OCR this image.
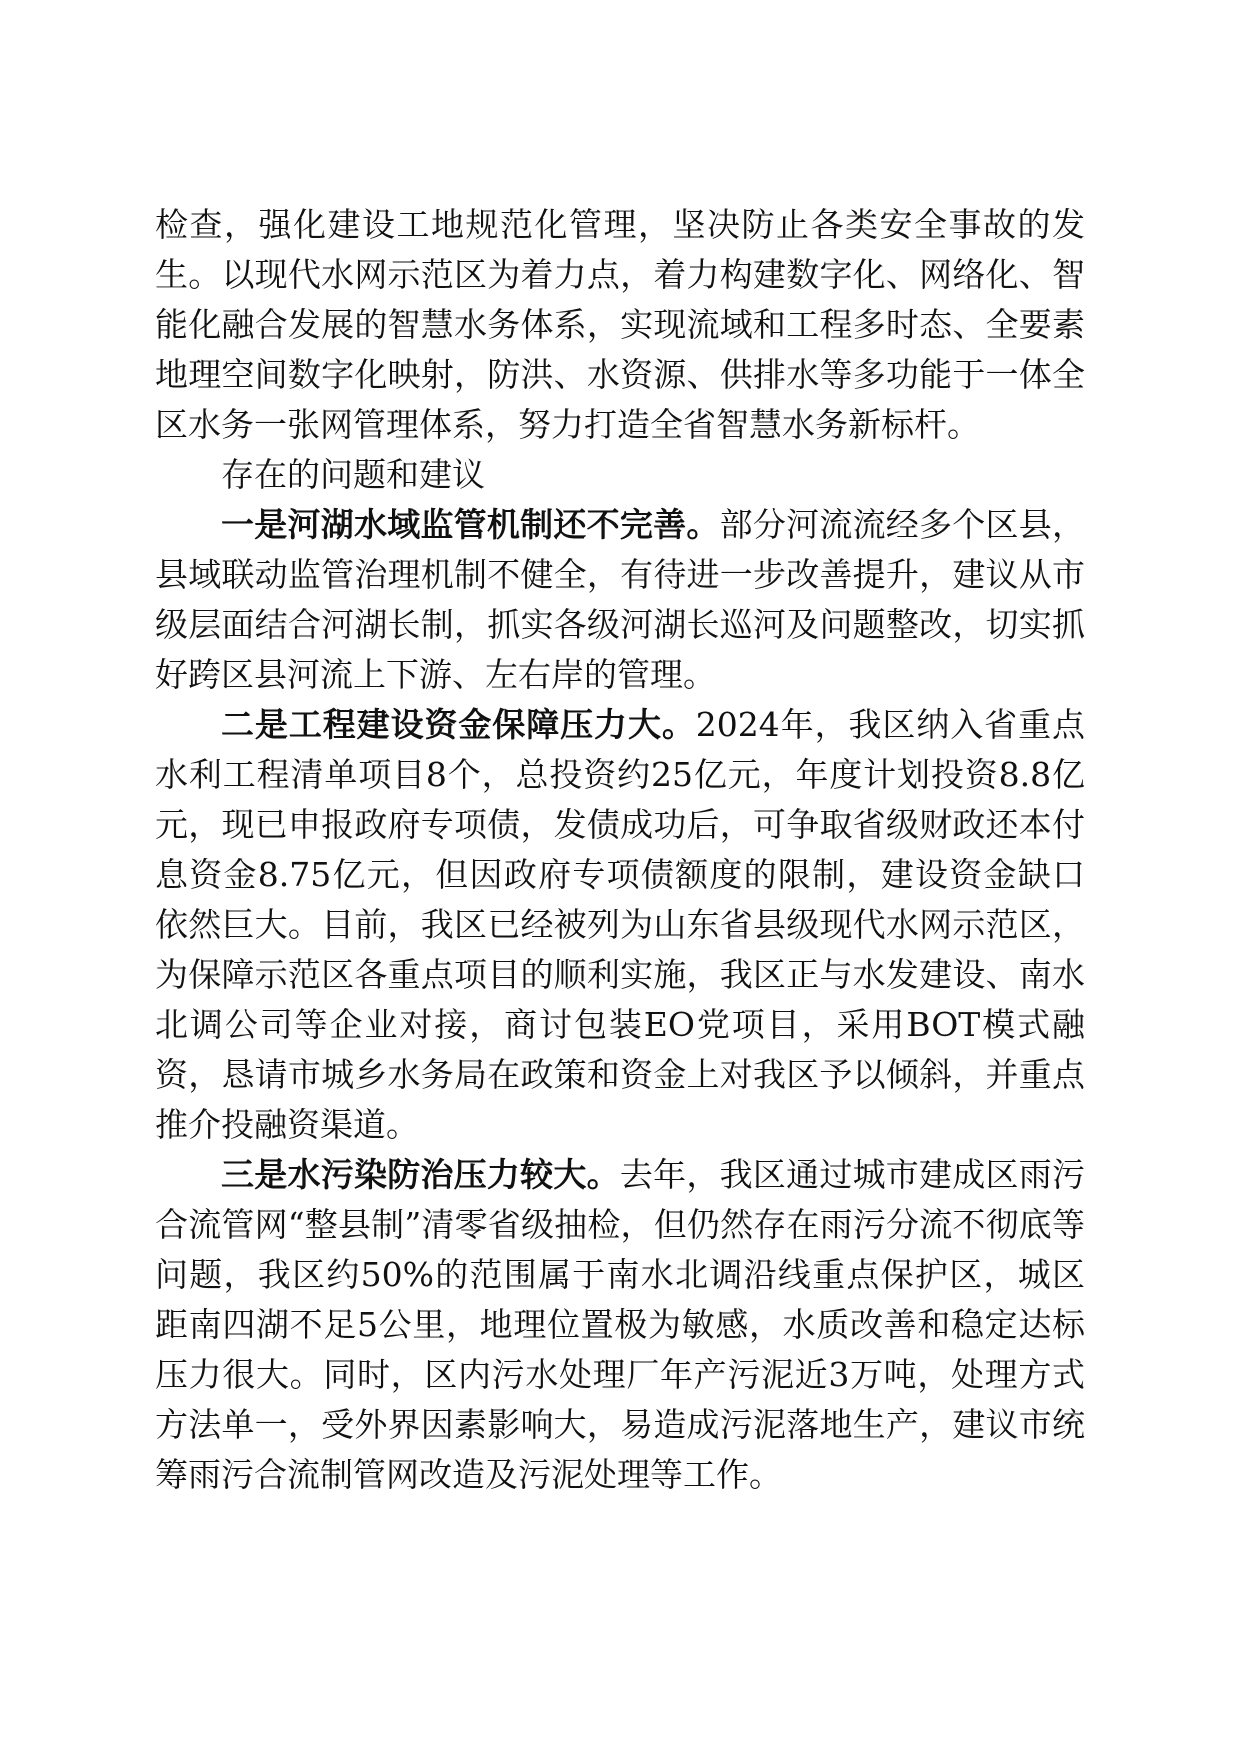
检查，强化建设工地规范化管理，坚决防止各类安全事故的发生。以现代水网示范区为着力点，着力构建数字化、网络化、智能化融合发展的智慧水务体系，实现流域和工程多时态、全要素地理空间数字化映射，防洪、水资源、供排水等多功能于一体全区水务一张网管理体系，努力打造全省智慧水务新标杆。

存在的问题和建议

一是河湖水域监管机制还不完善。部分河流流经多个区县，县域联动监管治理机制不健全，有待进一步改善提升，建议从市级层面结合河湖长制，抓实各级河湖长巡河及问题整改，切实抓好跨区县河流上下游、左右岸的管理。

二是工程建设资金保障压力大。2024年，我区纳入省重点水利工程清单项目8个，总投资约25亿元，年度计划投资8.8亿元，现已申报政府专项债，发债成功后，可争取省级财政还本付息资金8.75亿元，但因政府专项债额度的限制，建设资金缺口依然巨大。目前，我区已经被列为山东省县级现代水网示范区，为保障示范区各重点项目的顺利实施，我区正与水发建设、南水北调公司等企业对接，商讨包装EO党项目，采用BOT模式融资，恳请市城乡水务局在政策和资金上对我区予以倾斜，并重点推介投融资渠道。

三是水污染防治压力较大。去年，我区通过城市建成区雨污合流管网“整县制”清零省级抽检，但仍然存在雨污分流不彻底等问题，我区约50%的范围属于南水北调沿线重点保护区，城区距南四湖不足5公里，地理位置极为敏感，水质改善和稳定达标压力很大。同时，区内污水处理厂年产污泥近3万吨，处理方式方法单一，受外界因素影响大，易造成污泥落地生产，建议市统筹雨污合流制管网改造及污泥处理等工作。
